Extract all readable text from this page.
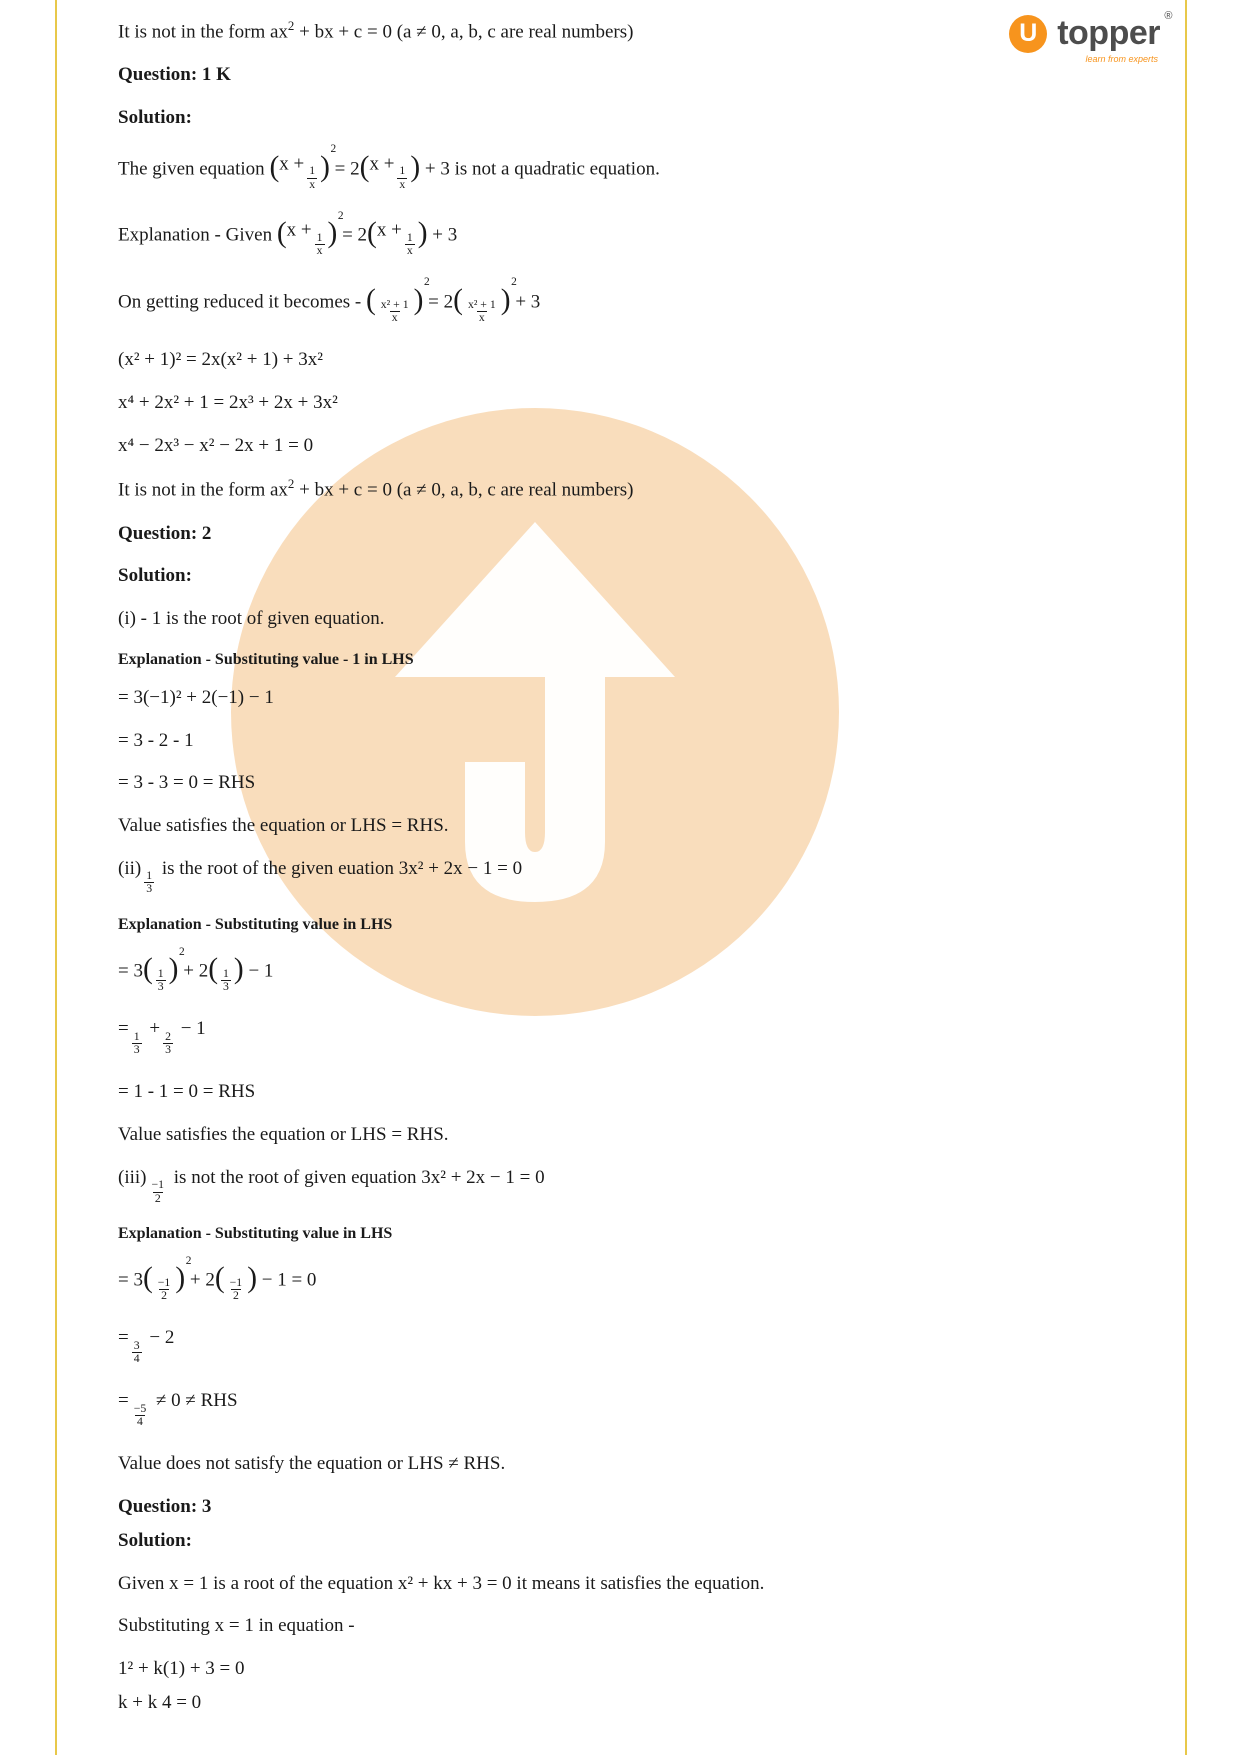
U topper ®
learn from experts

It is not in the form $ax^2$ + bx + c = 0 (a ≠ 0, a, b, c are real numbers)

Question: 1 K

Solution:

The given equation (x +
$\frac{1}{x}$ )
2
= 2(x +
$\frac{1}{x}$ ) + 3 is not a quadratic equation.

Explanation - Given (x +
$\frac{1}{x}$ )
2
= 2(x +
$\frac{1}{x}$ ) + 3

On getting reduced it becomes - ( $\frac{\text{x² + 1}}{x}$ )
2
= $2( \frac{\text{x² + 1}}{x}$ )
2
+ 3

(x² + 1)² = 2x(x² + 1) + 3x²

x⁴ + 2x² + 1 = 2x³ + 2x + 3x²

x⁴ − 2x³ − x² − 2x + 1 = 0

It is not in the form $ax^2$ + bx + c = 0 (a ≠ 0, a, b, c are real numbers)

Question: 2

Solution:

(i) - 1 is the root of given equation.

Explanation - Substituting value - 1 in LHS

= 3(−1)² + 2(−1) − 1

= 3 - 2 - 1

= 3 - 3 = 0 = RHS

Value satisfies the equation or LHS = RHS.

(ii)
$\frac{1}{3}$
is the root of the given euation 3x² + 2x − 1 = 0

Explanation - Substituting value in LHS

= $3( \frac{1}{3}$ )
2
+ $2( \frac{1}{3}$ ) − 1

=
$\frac{1}{3}$
+
$\frac{2}{3}$
− 1

= 1 - 1 = 0 = RHS

Value satisfies the equation or LHS = RHS.

(iii)
$\frac{-1}{2}$
is not the root of given equation 3x² + 2x − 1 = 0

Explanation - Substituting value in LHS

= $3( \frac{-1}{2}$ )
2
+ $2( \frac{-1}{2}$ ) − 1 = 0

=
$\frac{3}{4}$
− 2

=
$\frac{-5}{4}$
≠ 0 ≠ RHS

Value does not satisfy the equation or LHS ≠ RHS.

Question: 3

Solution:

Given x = 1 is a root of the equation x² + kx + 3 = 0 it means it satisfies the equation.

Substituting x = 1 in equation -

1² + k(1) + 3 = 0

k + k 4 = 0
